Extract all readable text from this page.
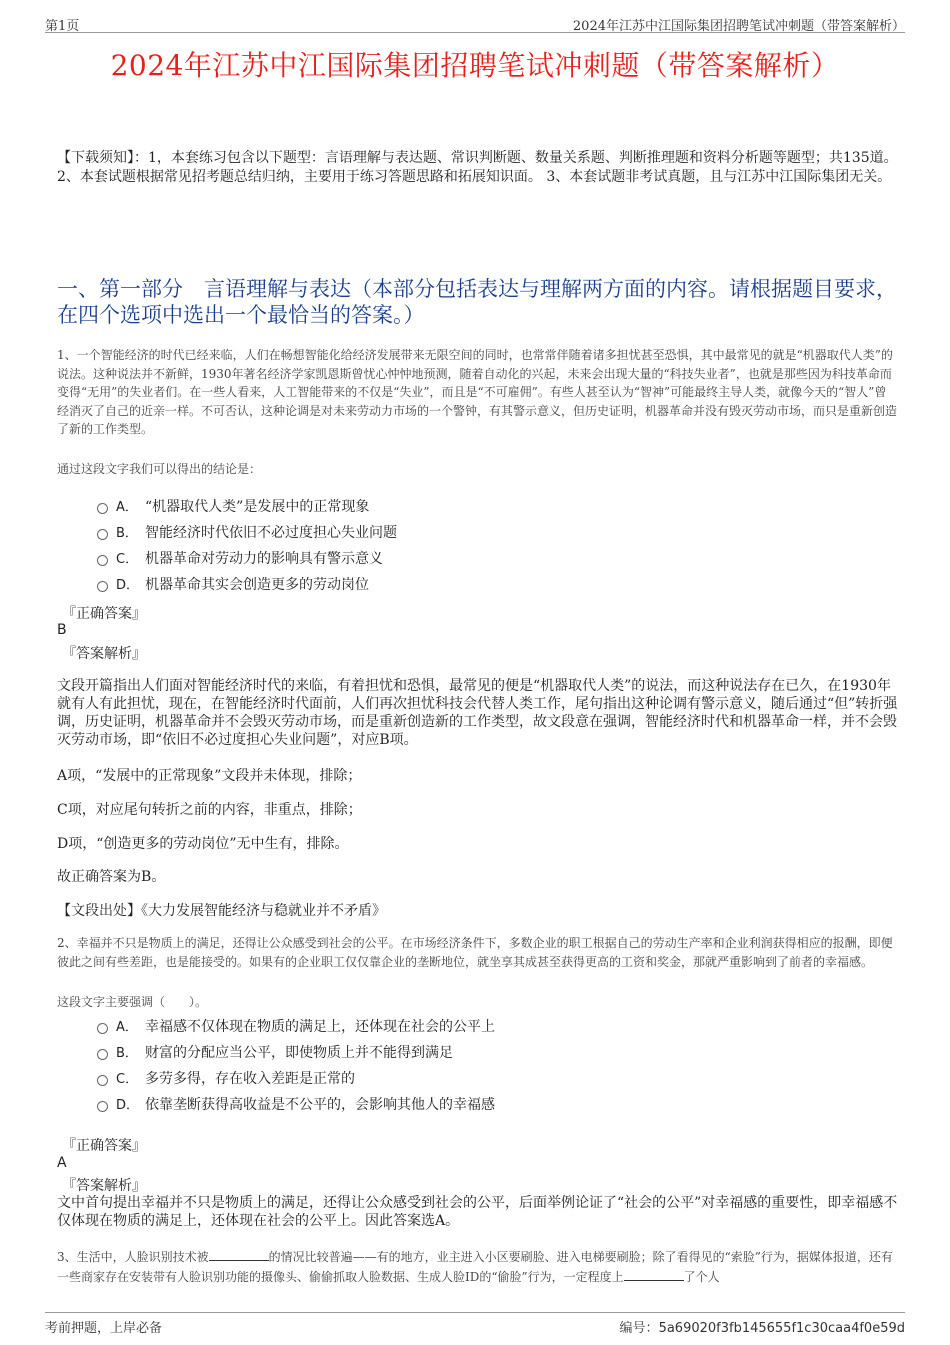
第1页	2024年江苏中江国际集团招聘笔试冲刺题（带答案解析）
2024年江苏中江国际集团招聘笔试冲刺题（带答案解析）
【下载须知】：1，本套练习包含以下题型：言语理解与表达题、常识判断题、数量关系题、判断推理题和资料分析题等题型；共135道。 2、本套试题根据常见招考题总结归纳，主要用于练习答题思路和拓展知识面。 3、本套试题非考试真题，且与江苏中江国际集团无关。
一、第一部分　言语理解与表达（本部分包括表达与理解两方面的内容。请根据题目要求，在四个选项中选出一个最恰当的答案。）
1、一个智能经济的时代已经来临，人们在畅想智能化给经济发展带来无限空间的同时，也常常伴随着诸多担忧甚至恐惧，其中最常见的就是“机器取代人类”的说法。这种说法并不新鲜，1930年著名经济学家凯恩斯曾忧心忡忡地预测，随着自动化的兴起，未来会出现大量的“科技失业者”，也就是那些因为科技革命而变得“无用”的失业者们。在一些人看来，人工智能带来的不仅是“失业”，而且是“不可雇佣”。有些人甚至认为“智神”可能最终主导人类，就像今天的“智人”曾经消灭了自己的近亲一样。不可否认，这种论调是对未来劳动力市场的一个警钟，有其警示意义，但历史证明，机器革命并没有毁灭劳动市场，而只是重新创造了新的工作类型。
通过这段文字我们可以得出的结论是：
A． “机器取代人类”是发展中的正常现象
B． 智能经济时代依旧不必过度担心失业问题
C． 机器革命对劳动力的影响具有警示意义
D． 机器革命其实会创造更多的劳动岗位
『正确答案』
B
『答案解析』
文段开篇指出人们面对智能经济时代的来临，有着担忧和恐惧，最常见的便是“机器取代人类”的说法，而这种说法存在已久，在1930年就有人有此担忧，现在，在智能经济时代面前，人们再次担忧科技会代替人类工作，尾句指出这种论调有警示意义，随后通过“但”转折强调，历史证明，机器革命并不会毁灭劳动市场，而是重新创造新的工作类型，故文段意在强调，智能经济时代和机器革命一样，并不会毁灭劳动市场，即“依旧不必过度担心失业问题”，对应B项。
A项，“发展中的正常现象”文段并未体现，排除；
C项，对应尾句转折之前的内容，非重点，排除；
D项，“创造更多的劳动岗位”无中生有，排除。
故正确答案为B。
【文段出处】《大力发展智能经济与稳就业并不矛盾》
2、幸福并不只是物质上的满足，还得让公众感受到社会的公平。在市场经济条件下，多数企业的职工根据自己的劳动生产率和企业利润获得相应的报酬，即便彼此之间有些差距，也是能接受的。如果有的企业职工仅仅靠企业的垄断地位，就坐享其成甚至获得更高的工资和奖金，那就严重影响到了前者的幸福感。
这段文字主要强调（　　）。
A． 幸福感不仅体现在物质的满足上，还体现在社会的公平上
B． 财富的分配应当公平，即使物质上并不能得到满足
C． 多劳多得，存在收入差距是正常的
D． 依靠垄断获得高收益是不公平的，会影响其他人的幸福感
『正确答案』
A
『答案解析』
文中首句提出幸福并不只是物质上的满足，还得让公众感受到社会的公平，后面举例论证了“社会的公平”对幸福感的重要性，即幸福感不仅体现在物质的满足上，还体现在社会的公平上。因此答案选A。
3、生活中，人脸识别技术被	的情况比较普遍——有的地方，业主进入小区要刷脸、进入电梯要刷脸；除了看得见的“索脸”行为，据媒体报道，还有一些商家存在安装带有人脸识别功能的摄像头、偷偷抓取人脸数据、生成人脸ID的“偷脸”行为，一定程度上	了个人
考前押题，上岸必备	编号：5a69020f3fb145655f1c30caa4f0e59d
